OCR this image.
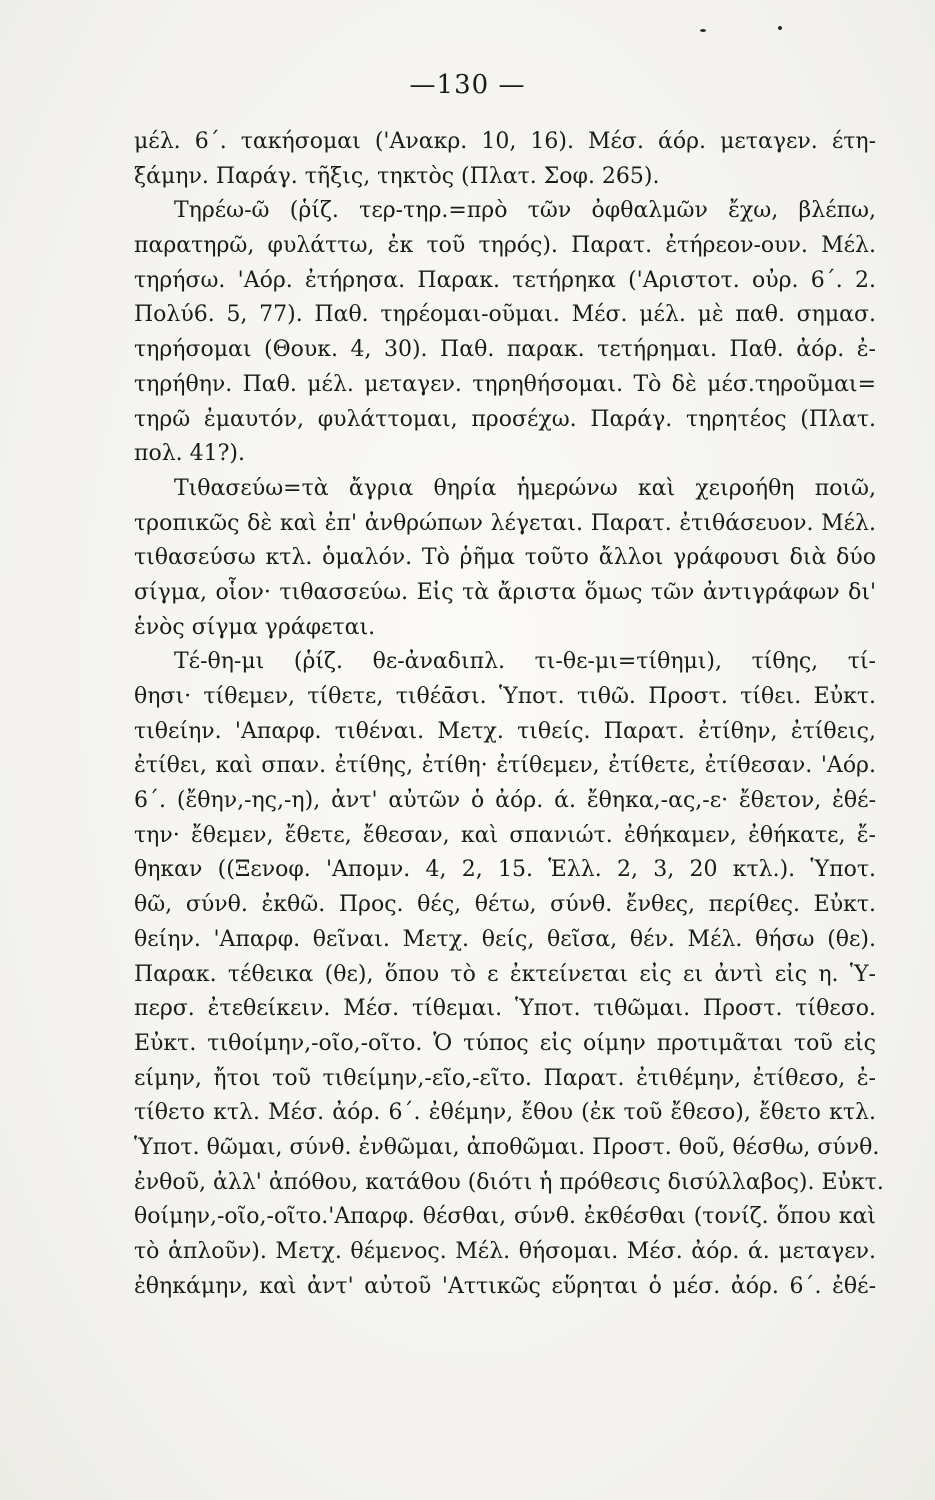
—130 —
μέλ. 6΄. τακήσομαι ('Ανακρ. 10, 16). Μέσ. άόρ. μεταγεν. έτη-
ξάμην. Παράγ. τῆξις, τηκτὸς (Πλατ. Σοφ. 265).
Τηρέω-ῶ (ῥίζ. τερ-τηρ.=πρὸ τῶν ὀφθαλμῶν ἔχω, βλέπω,
παρατηρῶ, φυλάττω, ἐκ τοῦ τηρός). Παρατ. ἐτήρεον-ουν. Μέλ.
τηρήσω. 'Αόρ. ἐτήρησα. Παρακ. τετήρηκα ('Αριστοτ. οὐρ. 6΄. 2.
Πολύ6. 5, 77). Παθ. τηρέομαι-οῦμαι. Μέσ. μέλ. μὲ παθ. σημασ.
τηρήσομαι (Θουκ. 4, 30). Παθ. παρακ. τετήρημαι. Παθ. ἀόρ. ἐ-
τηρήθην. Παθ. μέλ. μεταγεν. τηρηθήσομαι. Τὸ δὲ μέσ.τηροῦμαι=
τηρῶ ἐμαυτόν, φυλάττομαι, προσέχω. Παράγ. τηρητέος (Πλατ.
πολ. 41?).
Τιθασεύω=τὰ ἄγρια θηρία ἡμερώνω καὶ χειροήθη ποιῶ,
τροπικῶς δὲ καὶ ἐπ' ἀνθρώπων λέγεται. Παρατ. ἐτιθάσευον. Μέλ.
τιθασεύσω κτλ. ὁμαλόν. Τὸ ῥῆμα τοῦτο ἄλλοι γράφουσι διὰ δύο
σίγμα, οἷον· τιθασσεύω. Εἰς τὰ ἄριστα ὅμως τῶν ἀντιγράφων δι'
ἑνὸς σίγμα γράφεται.
Τέ-θη-μι (ῥίζ. θε-ἀναδιπλ. τι-θε-μι=τίθημι), τίθης, τί-
θησι· τίθεμεν, τίθετε, τιθέᾱσι. Ὑποτ. τιθῶ. Προστ. τίθει. Εὐκτ.
τιθείην. 'Απαρφ. τιθέναι. Μετχ. τιθείς. Παρατ. ἐτίθην, ἐτίθεις,
ἐτίθει, καὶ σπαν. ἐτίθης, ἐτίθη· ἐτίθεμεν, ἐτίθετε, ἐτίθεσαν. 'Αόρ.
6΄. (ἔθην,-ης,-η), ἀντ' αὐτῶν ὁ ἀόρ. ά. ἔθηκα,-ας,-ε· ἔθετον, ἐθέ-
την· ἔθεμεν, ἔθετε, ἔθεσαν, καὶ σπανιώτ. ἐθήκαμεν, ἐθήκατε, ἔ-
θηκαν ((Ξενοφ. 'Απομν. 4, 2, 15. Ἑλλ. 2, 3, 20 κτλ.). Ὑποτ.
θῶ, σύνθ. ἐκθῶ. Προς. θές, θέτω, σύνθ. ἔνθες, περίθες. Εὐκτ.
θείην. 'Απαρφ. θεῖναι. Μετχ. θείς, θεῖσα, θέν. Μέλ. θήσω (θε).
Παρακ. τέθεικα (θε), ὅπου τὸ ε ἐκτείνεται εἰς ει ἀντὶ εἰς η. Ὑ-
περσ. ἐτεθείκειν. Μέσ. τίθεμαι. Ὑποτ. τιθῶμαι. Προστ. τίθεσο.
Εὐκτ. τιθοίμην,-οῖο,-οῖτο. Ὁ τύπος εἰς οίμην προτιμᾶται τοῦ εἰς
είμην, ἤτοι τοῦ τιθείμην,-εῖο,-εῖτο. Παρατ. ἐτιθέμην, ἐτίθεσο, ἐ-
τίθετο κτλ. Μέσ. ἀόρ. 6΄. ἐθέμην, ἔθου (ἐκ τοῦ ἔθεσο), ἔθετο κτλ.
Ὑποτ. θῶμαι, σύνθ. ἐνθῶμαι, ἀποθῶμαι. Προστ. θοῦ, θέσθω, σύνθ.
ἐνθοῦ, ἀλλ' ἀπόθου, κατάθου (διότι ἡ πρόθεσις δισύλλαβος). Εὐκτ.
θοίμην,-οῖο,-οῖτο.'Απαρφ. θέσθαι, σύνθ. ἐκθέσθαι (τονίζ. ὅπου καὶ
τὸ ἁπλοῦν). Μετχ. θέμενος. Μέλ. θήσομαι. Μέσ. ἀόρ. ά. μεταγεν.
ἐθηκάμην, καὶ ἀντ' αὐτοῦ 'Αττικῶς εὕρηται ὁ μέσ. ἀόρ. 6΄. ἐθέ-
